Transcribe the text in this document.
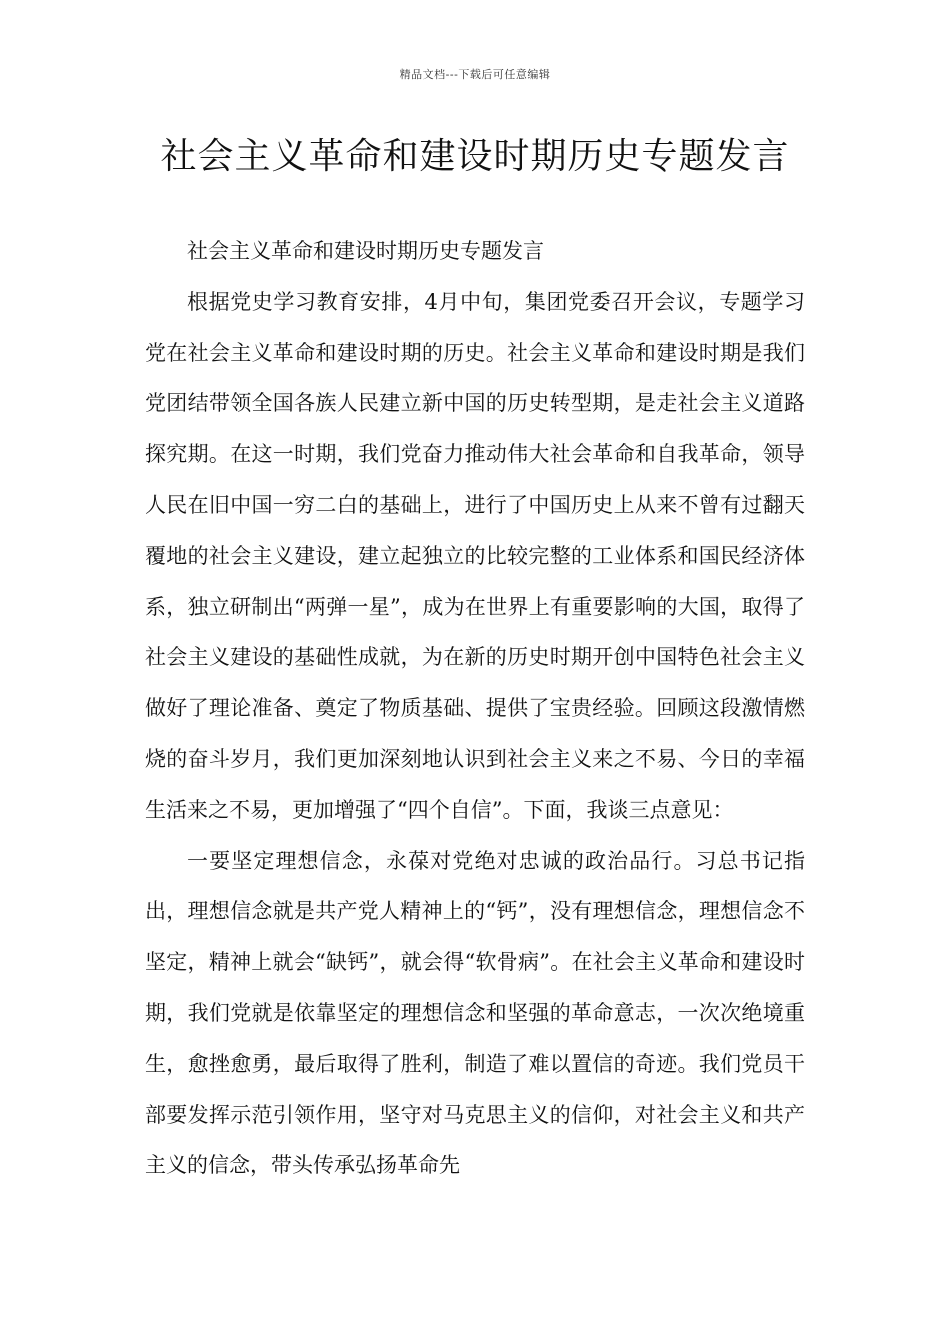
精品文档---下载后可任意编辑
社会主义革命和建设时期历史专题发言

社会主义革命和建设时期历史专题发言

根据党史学习教育安排，4月中旬，集团党委召开会议，专题学习党在社会主义革命和建设时期的历史。社会主义革命和建设时期是我们党团结带领全国各族人民建立新中国的历史转型期，是走社会主义道路探究期。在这一时期，我们党奋力推动伟大社会革命和自我革命，领导人民在旧中国一穷二白的基础上，进行了中国历史上从来不曾有过翻天覆地的社会主义建设，建立起独立的比较完整的工业体系和国民经济体系，独立研制出“两弹一星”，成为在世界上有重要影响的大国，取得了社会主义建设的基础性成就，为在新的历史时期开创中国特色社会主义做好了理论准备、奠定了物质基础、提供了宝贵经验。回顾这段激情燃烧的奋斗岁月，我们更加深刻地认识到社会主义来之不易、今日的幸福生活来之不易，更加增强了“四个自信”。下面，我谈三点意见：

一要坚定理想信念，永葆对党绝对忠诚的政治品行。习总书记指出，理想信念就是共产党人精神上的“钙”，没有理想信念，理想信念不坚定，精神上就会“缺钙”，就会得“软骨病”。在社会主义革命和建设时期，我们党就是依靠坚定的理想信念和坚强的革命意志，一次次绝境重生，愈挫愈勇，最后取得了胜利，制造了难以置信的奇迹。我们党员干部要发挥示范引领作用，坚守对马克思主义的信仰，对社会主义和共产主义的信念，带头传承弘扬革命先
